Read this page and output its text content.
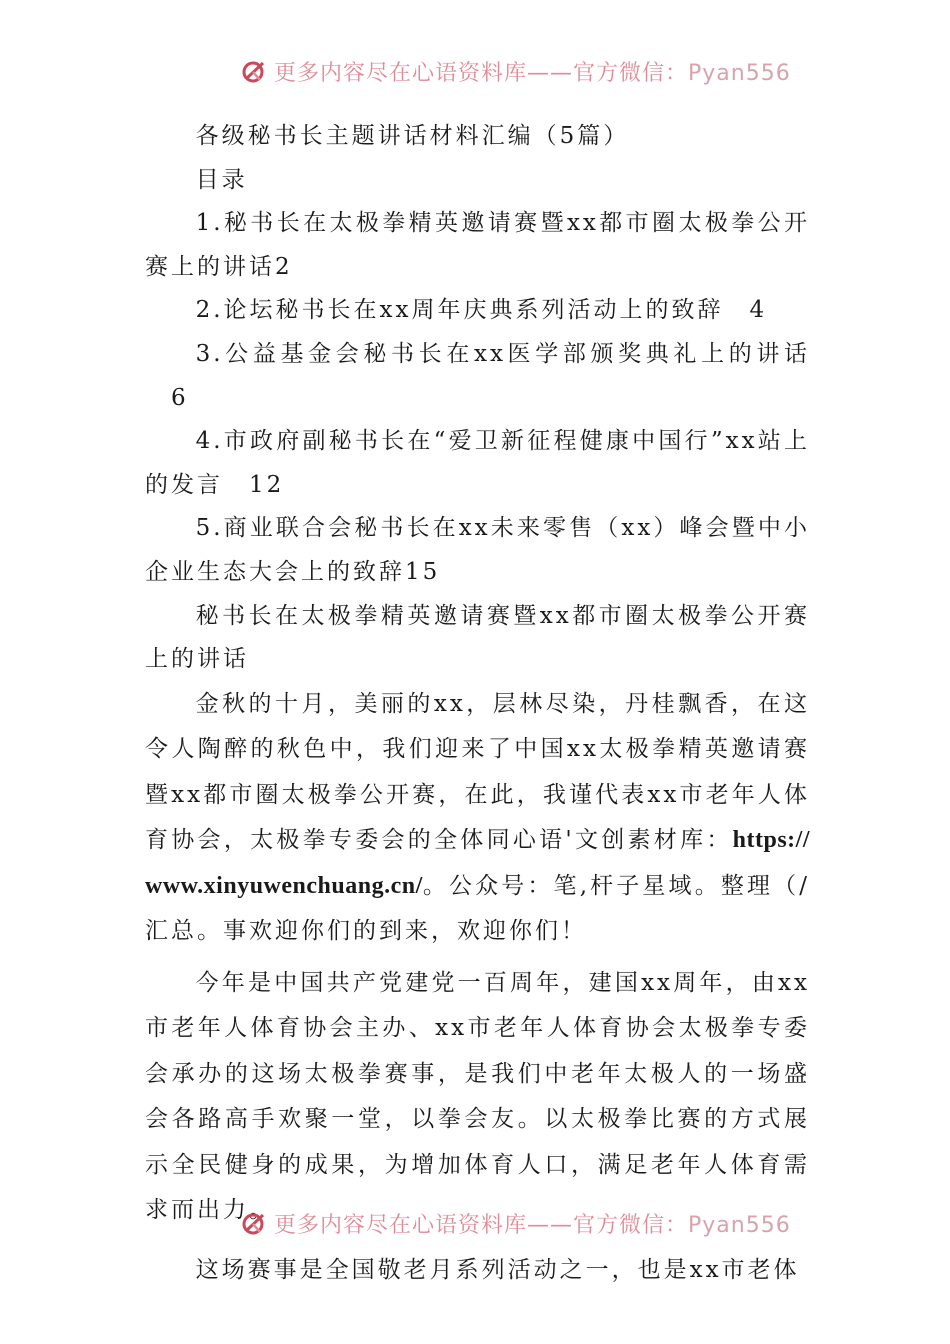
更多内容尽在心语资料库——官方微信：Pyan556

各级秘书长主题讲话材料汇编（5篇）

目录

1.秘书长在太极拳精英邀请赛暨xx都市圈太极拳公开赛上的讲话2

2.论坛秘书长在xx周年庆典系列活动上的致辞 4

3.公益基金会秘书长在xx医学部颁奖典礼上的讲话6

4.市政府副秘书长在“爱卫新征程健康中国行”xx站上的发言 12

5.商业联合会秘书长在xx未来零售（xx）峰会暨中小企业生态大会上的致辞15

秘书长在太极拳精英邀请赛暨xx都市圈太极拳公开赛上的讲话

金秋的十月，美丽的xx，层林尽染，丹桂飘香，在这令人陶醉的秋色中，我们迎来了中国xx太极拳精英邀请赛暨xx都市圈太极拳公开赛，在此，我谨代表xx市老年人体育协会，太极拳专委会的全体同心语'文创素材库：https://www.xinyuwenchuang.cn/。公众号：笔,杆子星域。整理（/汇总。事欢迎你们的到来，欢迎你们！

今年是中国共产党建党一百周年，建国xx周年，由xx市老年人体育协会主办、xx市老年人体育协会太极拳专委会承办的这场太极拳赛事，是我们中老年太极人的一场盛会各路高手欢聚一堂，以拳会友。以太极拳比赛的方式展示全民健身的成果，为增加体育人口，满足老年人体育需求而出力。

这场赛事是全国敬老月系列活动之一，也是xx市老体

更多内容尽在心语资料库——官方微信：Pyan556
